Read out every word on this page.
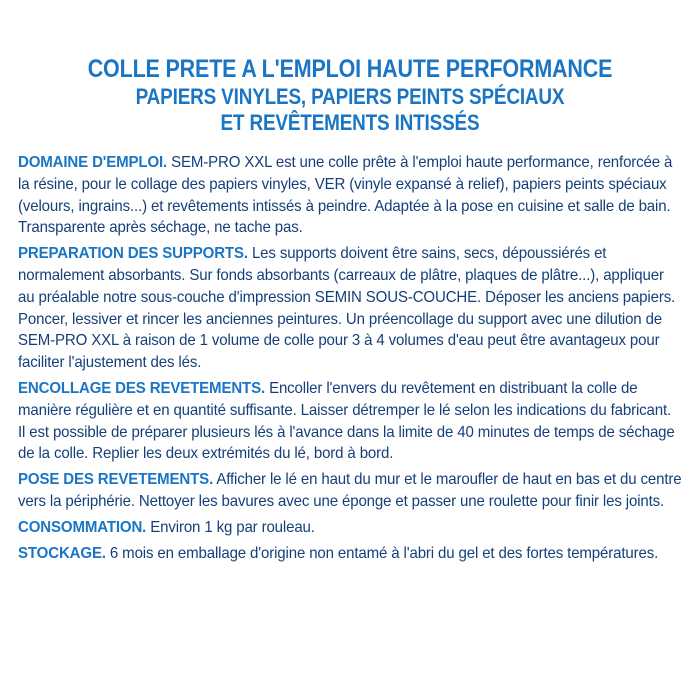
COLLE PRETE A L'EMPLOI HAUTE PERFORMANCE
PAPIERS VINYLES, PAPIERS PEINTS SPÉCIAUX
ET REVÊTEMENTS INTISSÉS

DOMAINE D'EMPLOI. SEM-PRO XXL est une colle prête à l'emploi haute performance, renforcée à la résine, pour le collage des papiers vinyles, VER (vinyle expansé à relief), papiers peints spéciaux (velours, ingrains...) et revêtements intissés à peindre. Adaptée à la pose en cuisine et salle de bain. Transparente après séchage, ne tache pas.

PREPARATION DES SUPPORTS. Les supports doivent être sains, secs, dépoussiérés et normalement absorbants. Sur fonds absorbants (carreaux de plâtre, plaques de plâtre...), appliquer au préalable notre sous-couche d'impression SEMIN SOUS-COUCHE. Déposer les anciens papiers. Poncer, lessiver et rincer les anciennes peintures. Un préencollage du support avec une dilution de SEM-PRO XXL à raison de 1 volume de colle pour 3 à 4 volumes d'eau peut être avantageux pour faciliter l'ajustement des lés.

ENCOLLAGE DES REVETEMENTS. Encoller l'envers du revêtement en distribuant la colle de manière régulière et en quantité suffisante. Laisser détremper le lé selon les indications du fabricant. Il est possible de préparer plusieurs lés à l'avance dans la limite de 40 minutes de temps de séchage de la colle. Replier les deux extrémités du lé, bord à bord.

POSE DES REVETEMENTS. Afficher le lé en haut du mur et le maroufler de haut en bas et du centre vers la périphérie. Nettoyer les bavures avec une éponge et passer une roulette pour finir les joints.

CONSOMMATION. Environ 1 kg par rouleau.

STOCKAGE. 6 mois en emballage d'origine non entamé à l'abri du gel et des fortes températures.
